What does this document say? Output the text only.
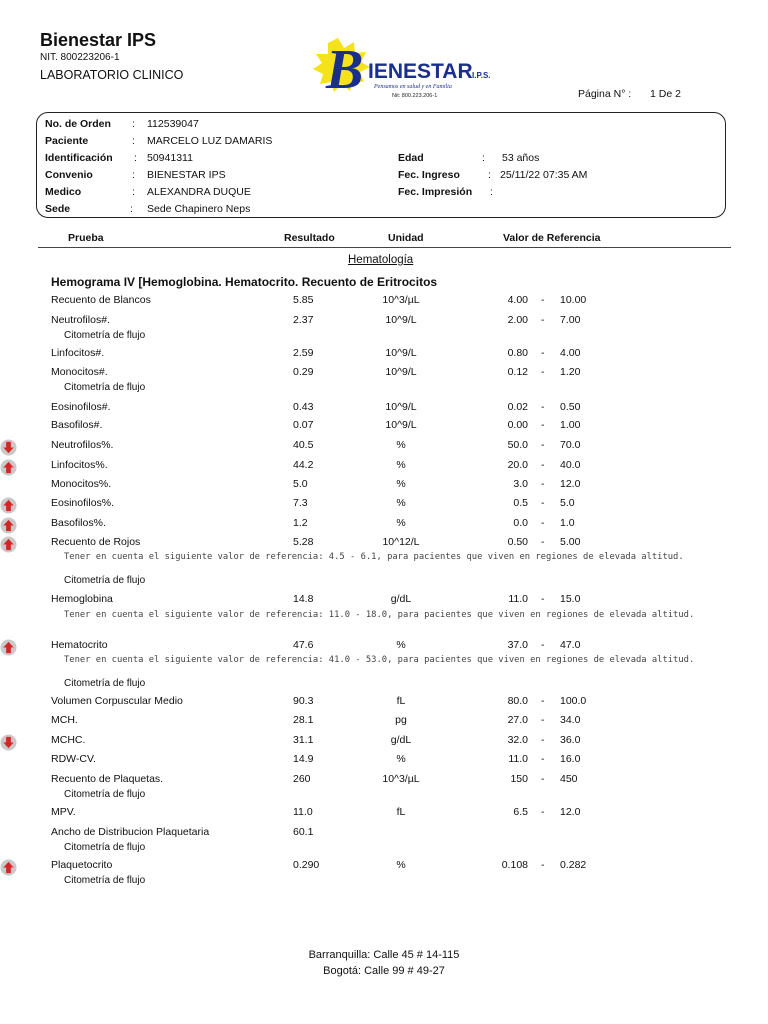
Bienestar IPS
NIT. 800223206-1
LABORATORIO CLINICO	B IENESTAR I.P.S.
Pensamos en salud y en Familia
Nit: 800.223.206-1	Página N° : 1 De 2
No. de Orden : 112539047
Paciente	: MARCELO LUZ DAMARIS
Identificación : 50941311
Convenio	: BIENESTAR IPS
Medico	: ALEXANDRA DUQUE
Sede	: Sede Chapinero Neps
Edad	: 53 años
Fec. Ingreso	: 25/11/22 07:35 AM
Fec. Impresión :
Prueba	Resultado	Unidad	Valor de Referencia
Hematología
Hemograma IV [Hemoglobina. Hematocrito. Recuento de Eritrocitos
Recuento de Blancos	5.85	10^3/µL	4.00 - 10.00
Neutrofilos#.	2.37	10^9/L	2.00 - 7.00
Citometría de flujo
Linfocitos#.	2.59	10^9/L	0.80 - 4.00
Monocitos#.	0.29	10^9/L	0.12 - 1.20
Citometría de flujo
Eosinofilos#.	0.43	10^9/L	0.02 - 0.50
Basofilos#.	0.07	10^9/L	0.00 - 1.00
Neutrofilos%.	40.5	%	50.0 - 70.0
Linfocitos%.	44.2	%	20.0 - 40.0
Monocitos%.	5.0	%	3.0 - 12.0
Eosinofilos%.	7.3	%	0.5 - 5.0
Basofilos%.	1.2	%	0.0 - 1.0
Recuento de Rojos	5.28	10^12/L	0.50 - 5.00
Tener en cuenta el siguiente valor de referencia: 4.5 - 6.1, para pacientes que viven en regiones de elevada altitud.
Citometría de flujo
Hemoglobina	14.8	g/dL	11.0 - 15.0
Tener en cuenta el siguiente valor de referencia: 11.0 - 18.0, para pacientes que viven en regiones de elevada altitud.
Hematocrito	47.6	%	37.0 - 47.0
Tener en cuenta el siguiente valor de referencia: 41.0 - 53.0, para pacientes que viven en regiones de elevada altitud.
Citometría de flujo
Volumen Corpuscular Medio	90.3	fL	80.0 - 100.0
MCH.	28.1	pg	27.0 - 34.0
MCHC.	31.1	g/dL	32.0 - 36.0
RDW-CV.	14.9	%	11.0 - 16.0
Recuento de Plaquetas.	260	10^3/µL	150 - 450
Citometría de flujo
MPV.	11.0	fL	6.5 - 12.0
Ancho de Distribucion Plaquetaria	60.1
Citometría de flujo
Plaquetocrito	0.290	%	0.108 - 0.282
Citometría de flujo
Barranquilla: Calle 45 # 14-115
Bogotá: Calle 99 # 49-27
